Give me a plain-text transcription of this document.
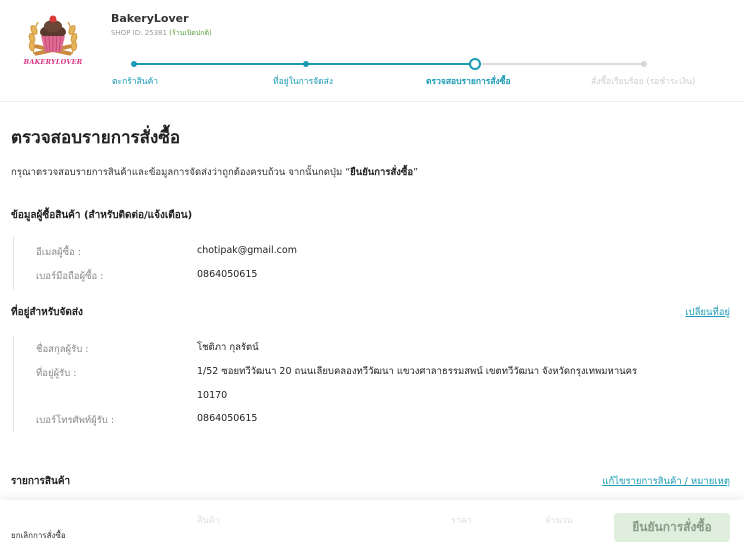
BAKERYLOVER
BakeryLover
SHOP ID: 25381 (ร้านเปิดปกติ)
ตะกร้าสินค้า	ที่อยู่ในการจัดส่ง	ตรวจสอบรายการสั่งซื้อ	สั่งซื้อเรียบร้อย (รอชำระเงิน)
ตรวจสอบรายการสั่งซื้อ
กรุณาตรวจสอบรายการสินค้าและข้อมูลการจัดส่งว่าถูกต้องครบถ้วน จากนั้นกดปุ่ม “ยืนยันการสั่งซื้อ”
ข้อมูลผู้ซื้อสินค้า (สำหรับติดต่อ/แจ้งเตือน)
อีเมลผู้ซื้อ :	chotipak@gmail.com
เบอร์มือถือผู้ซื้อ :	0864050615
ที่อยู่สำหรับจัดส่ง	เปลี่ยนที่อยู่
ชื่อสกุลผู้รับ :	โชติภา กุลรัตน์
ที่อยู่ผู้รับ :	1/52 ซอยทวีวัฒนา 20 ถนนเลียบคลองทวีวัฒนา แขวงศาลาธรรมสพน์ เขตทวีวัฒนา จังหวัดกรุงเทพมหานคร
10170
เบอร์โทรศัพท์ผู้รับ :	0864050615
รายการสินค้า	แก้ไขรายการสินค้า / หมายเหตุ
สินค้า	ราคา	จำนวน
ยกเลิกการสั่งซื้อ
ยืนยันการสั่งซื้อ
